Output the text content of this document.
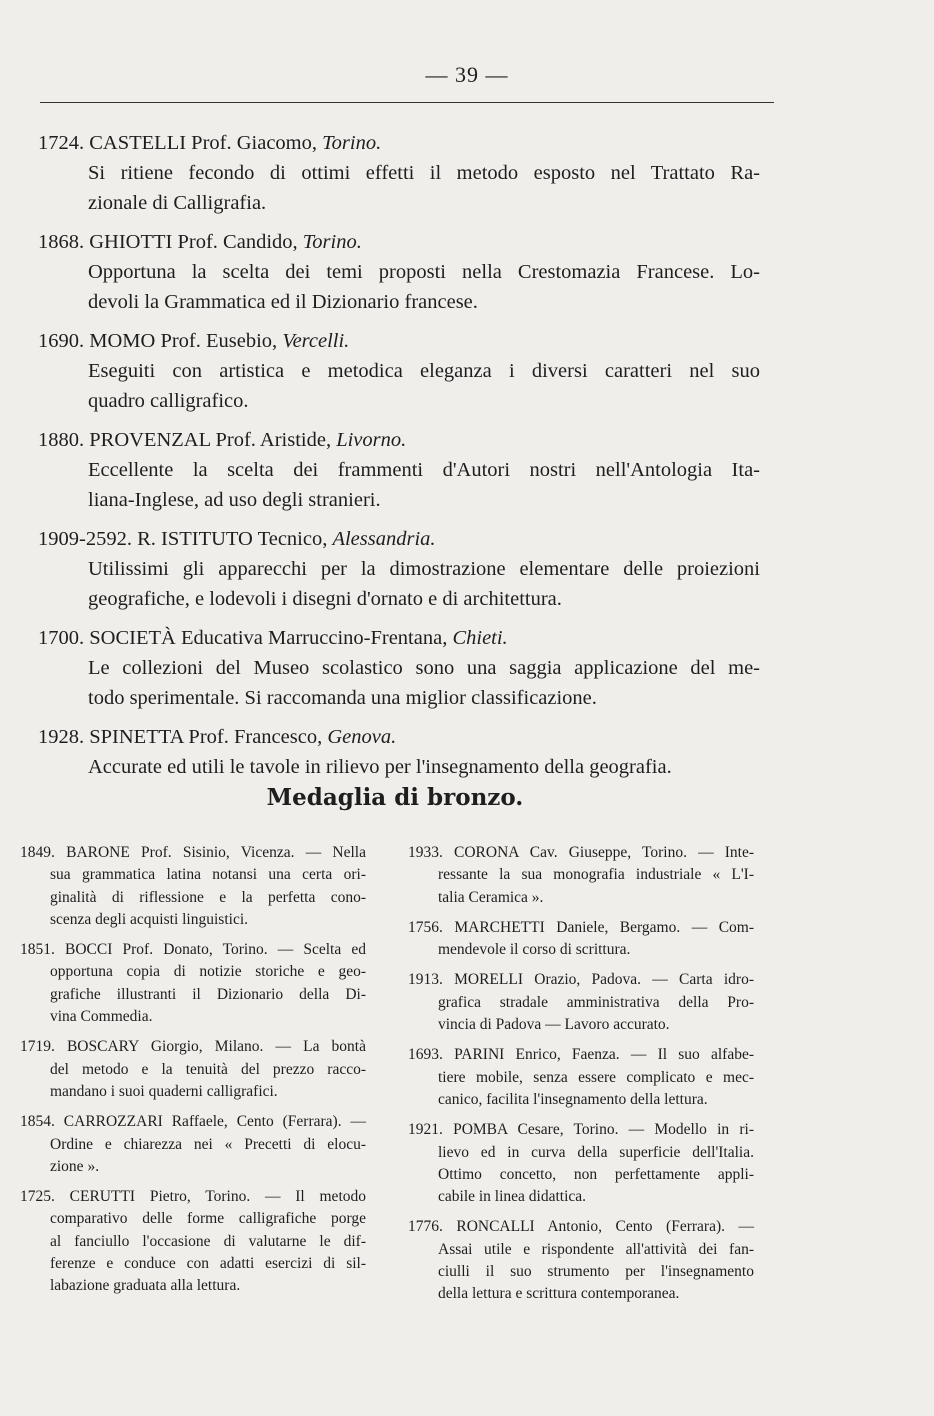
— 39 —
1724. CASTELLI Prof. Giacomo, Torino.
Si ritiene fecondo di ottimi effetti il metodo esposto nel Trattato Ra-
zionale di Calligrafia.
1868. GHIOTTI Prof. Candido, Torino.
Opportuna la scelta dei temi proposti nella Crestomazia Francese. Lo-
devoli la Grammatica ed il Dizionario francese.
1690. MOMO Prof. Eusebio, Vercelli.
Eseguiti con artistica e metodica eleganza i diversi caratteri nel suo
quadro calligrafico.
1880. PROVENZAL Prof. Aristide, Livorno.
Eccellente la scelta dei frammenti d'Autori nostri nell'Antologia Ita-
liana-Inglese, ad uso degli stranieri.
1909-2592. R. ISTITUTO Tecnico, Alessandria.
Utilissimi gli apparecchi per la dimostrazione elementare delle proiezioni
geografiche, e lodevoli i disegni d'ornato e di architettura.
1700. SOCIETÀ Educativa Marruccino-Frentana, Chieti.
Le collezioni del Museo scolastico sono una saggia applicazione del me-
todo sperimentale. Si raccomanda una miglior classificazione.
1928. SPINETTA Prof. Francesco, Genova.
Accurate ed utili le tavole in rilievo per l'insegnamento della geografia.
Medaglia di bronzo.
1849. BARONE Prof. Sisinio, Vicenza. — Nella
sua grammatica latina notansi una certa ori-
ginalità di riflessione e la perfetta cono-
scenza degli acquisti linguistici.
1851. BOCCI Prof. Donato, Torino. — Scelta ed
opportuna copia di notizie storiche e geo-
grafiche illustranti il Dizionario della Di-
vina Commedia.
1719. BOSCARY Giorgio, Milano. — La bontà
del metodo e la tenuità del prezzo racco-
mandano i suoi quaderni calligrafici.
1854. CARROZZARI Raffaele, Cento (Ferrara). —
Ordine e chiarezza nei « Precetti di elocu-
zione ».
1725. CERUTTI Pietro, Torino. — Il metodo
comparativo delle forme calligrafiche porge
al fanciullo l'occasione di valutarne le dif-
ferenze e conduce con adatti esercizi di sil-
labazione graduata alla lettura.
1933. CORONA Cav. Giuseppe, Torino. — Inte-
ressante la sua monografia industriale « L'I-
talia Ceramica ».
1756. MARCHETTI Daniele, Bergamo. — Com-
mendevole il corso di scrittura.
1913. MORELLI Orazio, Padova. — Carta idro-
grafica stradale amministrativa della Pro-
vincia di Padova — Lavoro accurato.
1693. PARINI Enrico, Faenza. — Il suo alfabe-
tiere mobile, senza essere complicato e mec-
canico, facilita l'insegnamento della lettura.
1921. POMBA Cesare, Torino. — Modello in ri-
lievo ed in curva della superficie dell'Italia.
Ottimo concetto, non perfettamente appli-
cabile in linea didattica.
1776. RONCALLI Antonio, Cento (Ferrara). —
Assai utile e rispondente all'attività dei fan-
ciulli il suo strumento per l'insegnamento
della lettura e scrittura contemporanea.
